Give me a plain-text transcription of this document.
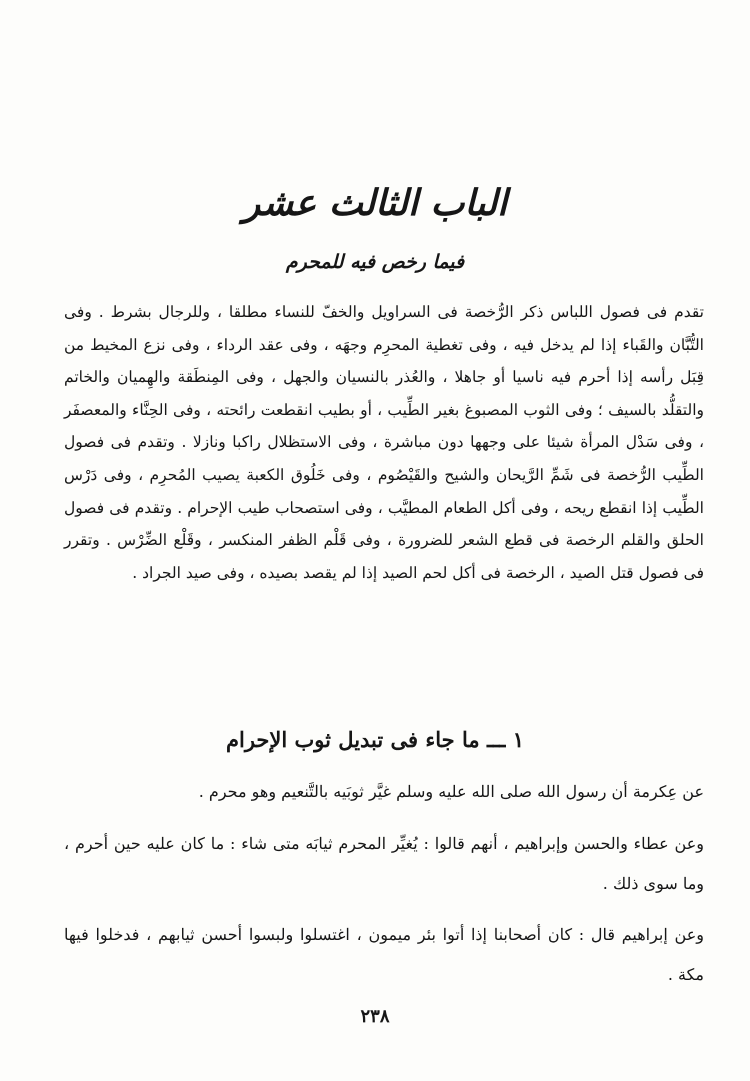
الباب الثالث عشر
فيما رخص فيه للمحرم

تقدم فى فصول اللباس ذكر الرُّخصة فى السراويل والخفّ للنساء مطلقا ، وللرجال بشرط . وفى التُّبَّان والقَباء إذا لم يدخل فيه ، وفى تغطية المحرِم وجهَه ، وفى عقد الرداء ، وفى نزع المخيط من قِبَل رأسه إذا أحرم فيه ناسيا أو جاهلا ، والعُذر بالنسيان والجهل ، وفى المِنطَقة والهِميان والخاتم والتقلُّد بالسيف ؛ وفى الثوب المصبوغ بغير الطِّيب ، أو بطيب انقطعت رائحته ، وفى الحِنَّاء والمعصفَر ، وفى سَدْل المرأة شيئا على وجهها دون مباشرة ، وفى الاستظلال راكبا ونازلا . وتقدم فى فصول الطِّيب الرُّخصة فى شَمِّ الرَّيحان والشيح والقَيْصُوم ، وفى خَلُوق الكعبة يصيب المُحرِم ، وفى دَرْس الطِّيب إذا انقطع ريحه ، وفى أكل الطعام المطيَّب ، وفى استصحاب طيب الإحرام . وتقدم فى فصول الحلق والقلم الرخصة فى قطع الشعر للضرورة ، وفى قَلْم الظفر المنكسر ، وقَلْع الضِّرْس . وتقرر فى فصول قتل الصيد ، الرخصة فى أكل لحم الصيد إذا لم يقصد بصيده ، وفى صيد الجراد .

١ ـــ ما جاء فى تبديل ثوب الإحرام

عن عِكرمة أن رسول الله صلى الله عليه وسلم غيَّر ثوبَيه بالتَّنعيم وهو محرم .

وعن عطاء والحسن وإبراهيم ، أنهم قالوا : يُغيِّر المحرم ثيابَه متى شاء : ما كان عليه حين أحرم ، وما سوى ذلك .

وعن إبراهيم قال : كان أصحابنا إذا أتوا بئر ميمون ، اغتسلوا ولبسوا أحسن ثيابهم ، فدخلوا فيها مكة .

٢٣٨
